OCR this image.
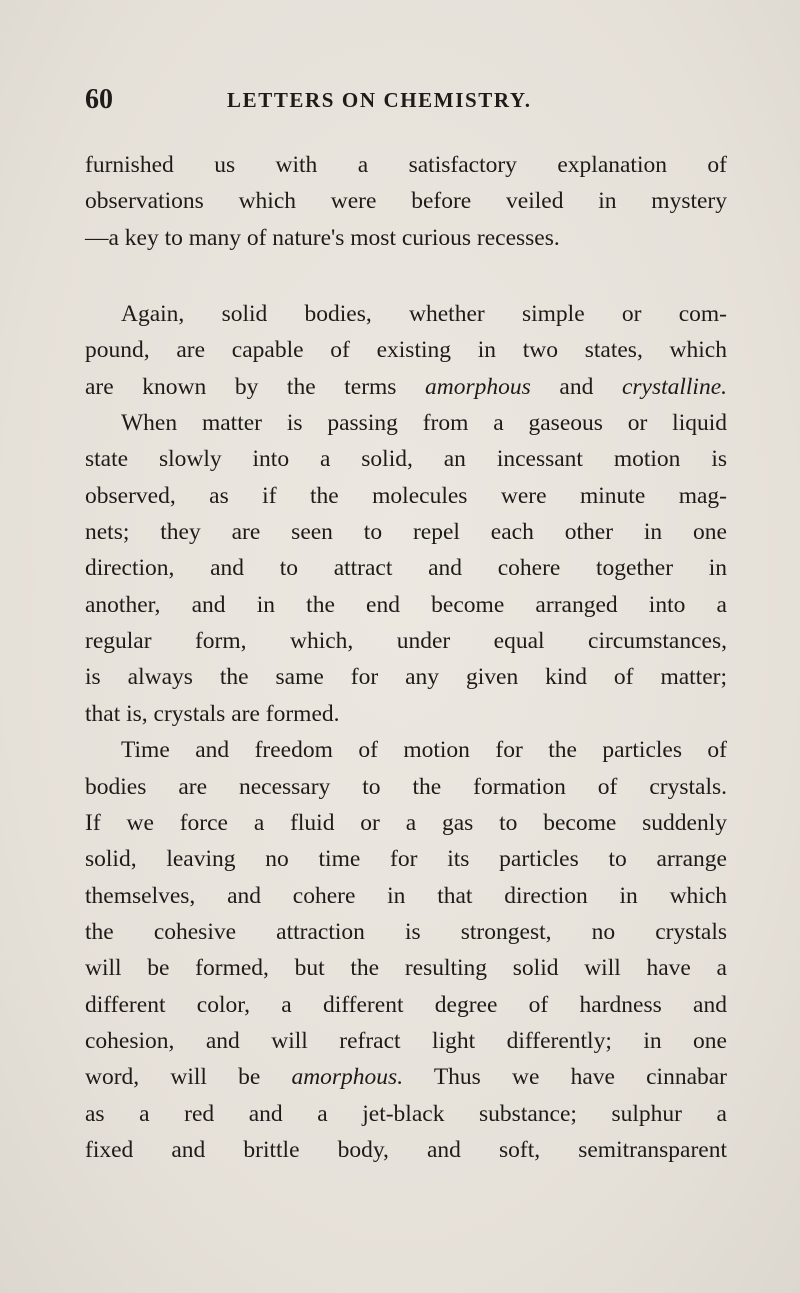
60	LETTERS ON CHEMISTRY.
furnished us with a satisfactory explanation of
observations which were before veiled in mystery
—a key to many of nature's most curious recesses.
Again, solid bodies, whether simple or com-
pound, are capable of existing in two states, which
are known by the terms amorphous and crystalline.
When matter is passing from a gaseous or liquid
state slowly into a solid, an incessant motion is
observed, as if the molecules were minute mag-
nets; they are seen to repel each other in one
direction, and to attract and cohere together in
another, and in the end become arranged into a
regular form, which, under equal circumstances,
is always the same for any given kind of matter;
that is, crystals are formed.
Time and freedom of motion for the particles of
bodies are necessary to the formation of crystals.
If we force a fluid or a gas to become suddenly
solid, leaving no time for its particles to arrange
themselves, and cohere in that direction in which
the cohesive attraction is strongest, no crystals
will be formed, but the resulting solid will have a
different color, a different degree of hardness and
cohesion, and will refract light differently; in one
word, will be amorphous. Thus we have cinnabar
as a red and a jet-black substance; sulphur a
fixed and brittle body, and soft, semitransparent
